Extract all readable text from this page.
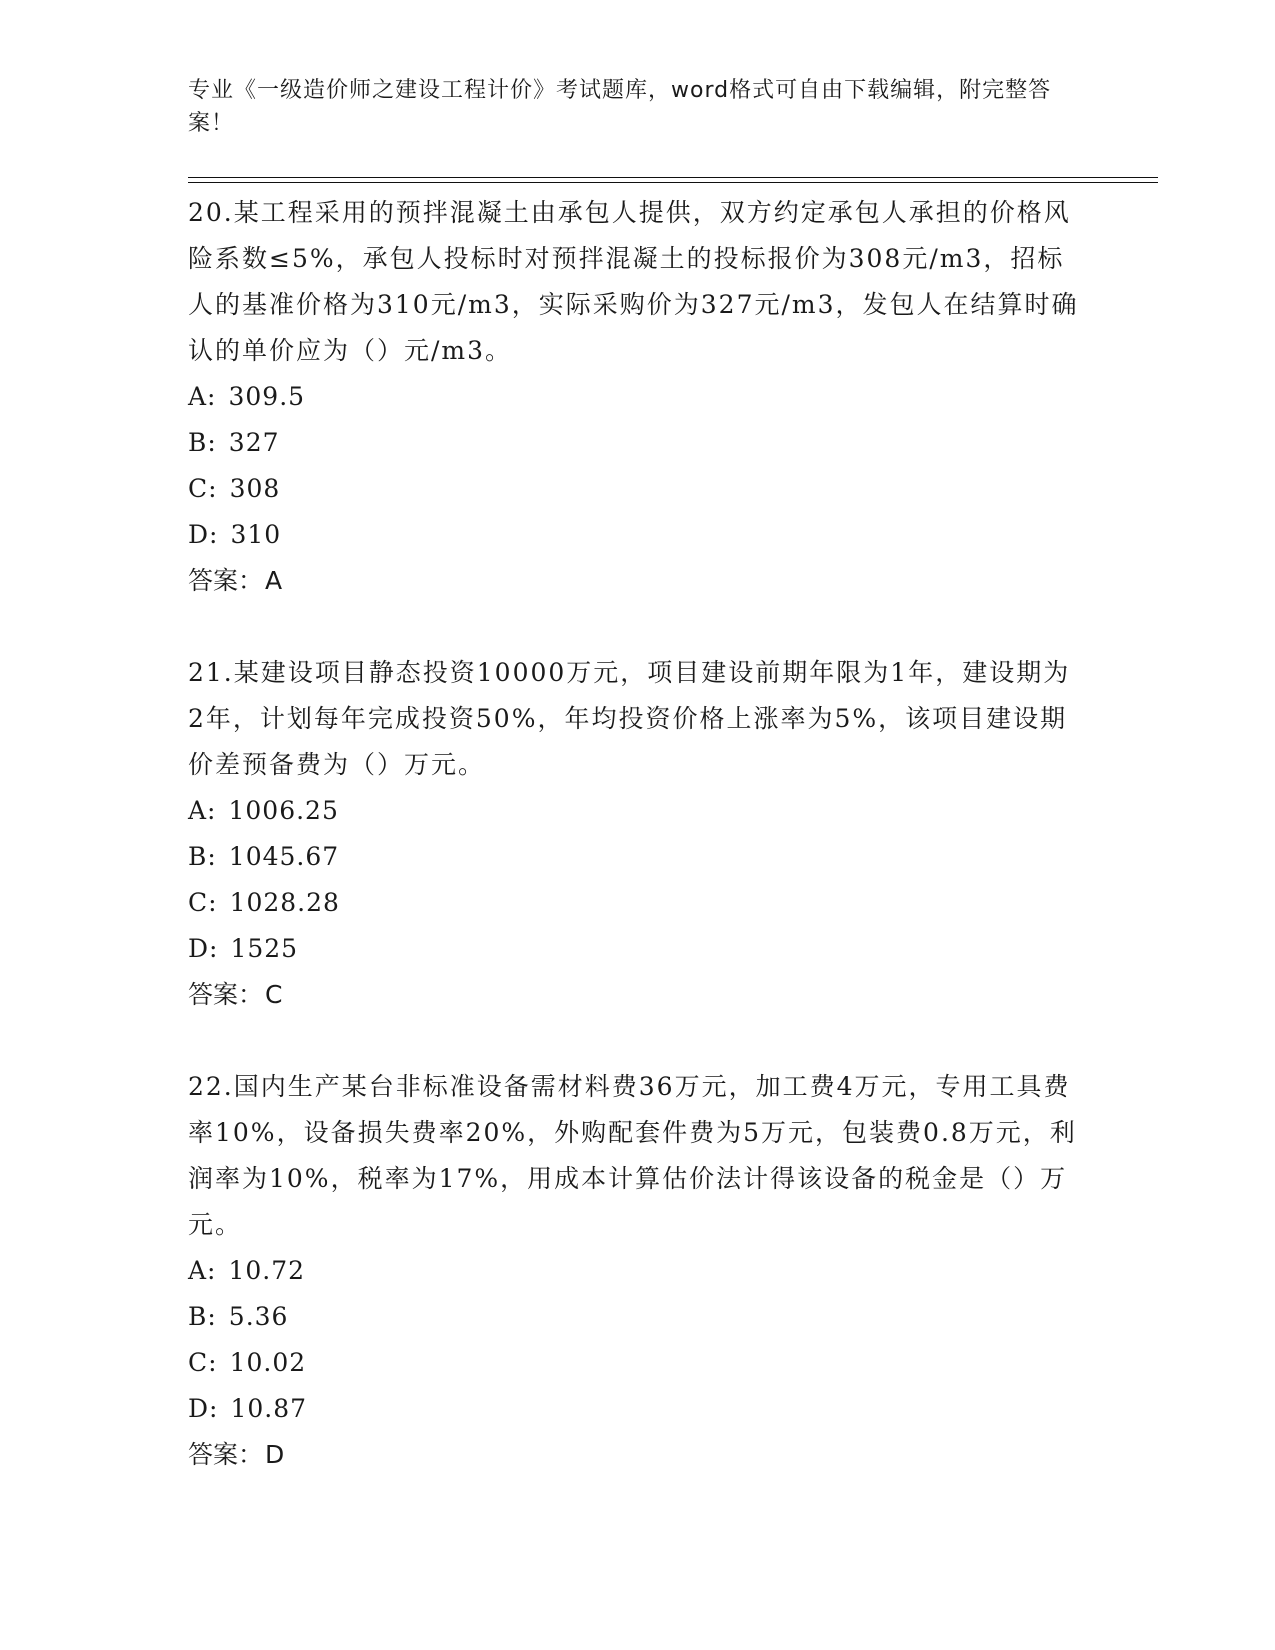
专业《一级造价师之建设工程计价》考试题库，word格式可自由下载编辑，附完整答案！

20.某工程采用的预拌混凝土由承包人提供，双方约定承包人承担的价格风险系数≤5%，承包人投标时对预拌混凝土的投标报价为308元/m3，招标人的基准价格为310元/m3，实际采购价为327元/m3，发包人在结算时确认的单价应为（）元/m3。

A: 309.5
B: 327
C: 308
D: 310

答案：A

21.某建设项目静态投资10000万元，项目建设前期年限为1年，建设期为2年，计划每年完成投资50%，年均投资价格上涨率为5%，该项目建设期价差预备费为（）万元。

A: 1006.25
B: 1045.67
C: 1028.28
D: 1525

答案：C

22.国内生产某台非标准设备需材料费36万元，加工费4万元，专用工具费率10%，设备损失费率20%，外购配套件费为5万元，包装费0.8万元，利润率为10%，税率为17%，用成本计算估价法计得该设备的税金是（）万元。

A: 10.72
B: 5.36
C: 10.02
D: 10.87

答案：D
